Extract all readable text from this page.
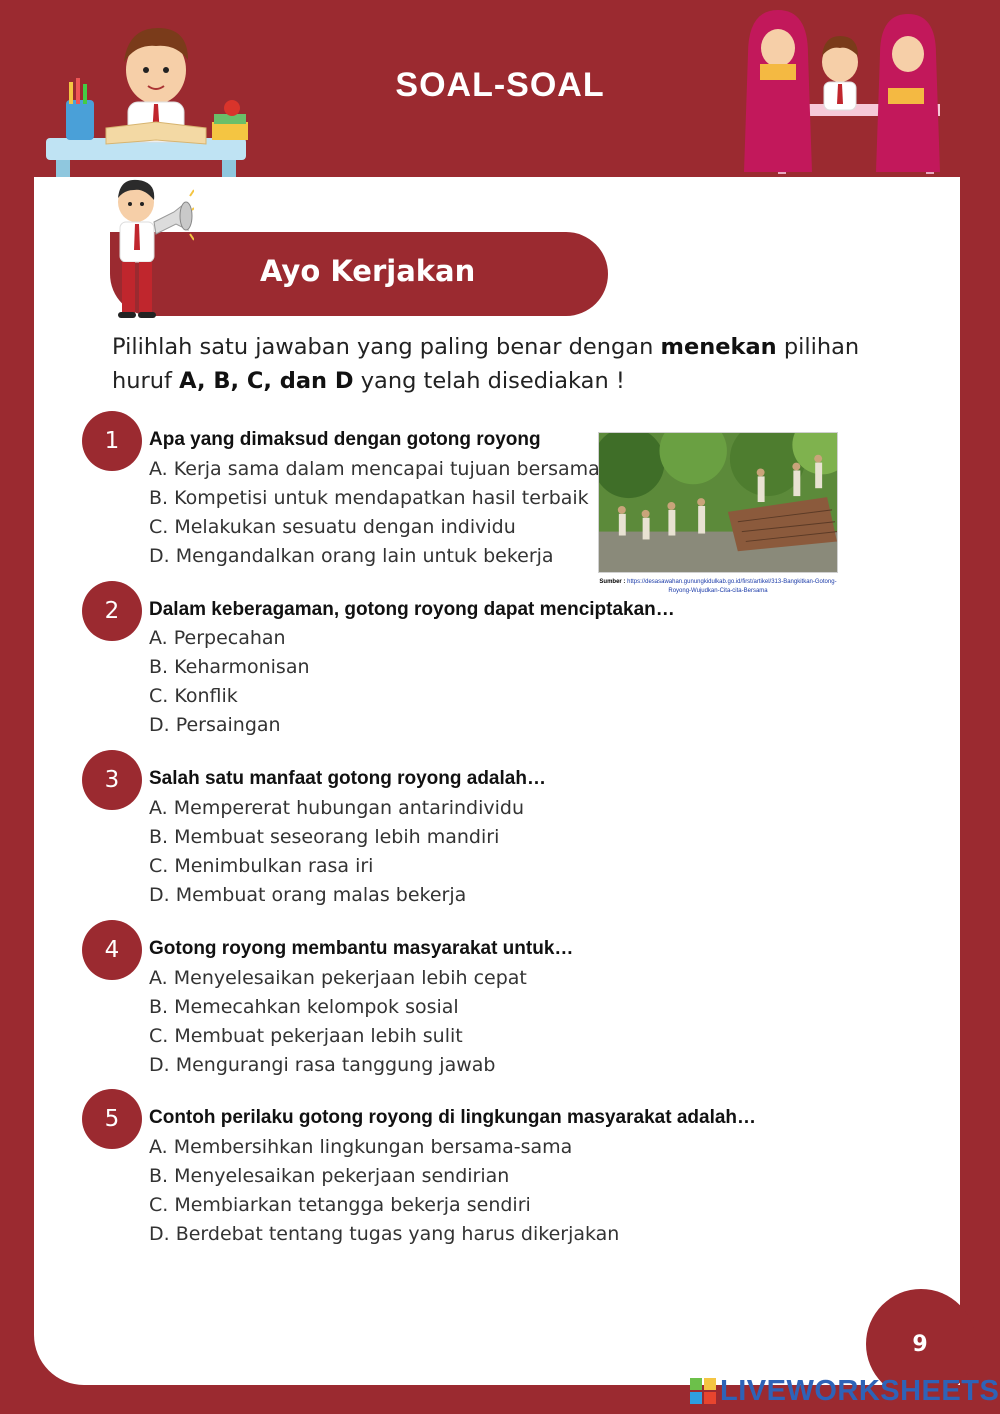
SOAL-SOAL
Ayo Kerjakan
Pilihlah satu jawaban yang paling benar dengan menekan pilihan huruf A, B, C, dan D yang telah disediakan !
Sumber : https://desasawahan.gunungkidulkab.go.id/first/artikel/313-Bangkitkan-Gotong-Royong-Wujudkan-Cita-cita-Bersama
1	Apa yang dimaksud dengan gotong royong
A. Kerja sama dalam mencapai tujuan bersama
B. Kompetisi untuk mendapatkan hasil terbaik
C. Melakukan sesuatu dengan individu
D. Mengandalkan orang lain untuk bekerja
2	Dalam keberagaman, gotong royong dapat menciptakan…
A. Perpecahan
B. Keharmonisan
C. Konflik
D. Persaingan
3	Salah satu manfaat gotong royong adalah…
A. Mempererat hubungan antarindividu
B. Membuat seseorang lebih mandiri
C. Menimbulkan rasa iri
D. Membuat orang malas bekerja
4	Gotong royong membantu masyarakat untuk…
A. Menyelesaikan pekerjaan lebih cepat
B. Memecahkan kelompok sosial
C. Membuat pekerjaan lebih sulit
D. Mengurangi rasa tanggung jawab
5	Contoh perilaku gotong royong di lingkungan masyarakat adalah…
A. Membersihkan lingkungan bersama-sama
B. Menyelesaikan pekerjaan sendirian
C. Membiarkan tetangga bekerja sendiri
D. Berdebat tentang tugas yang harus dikerjakan
9
LIVEWORKSHEETS
